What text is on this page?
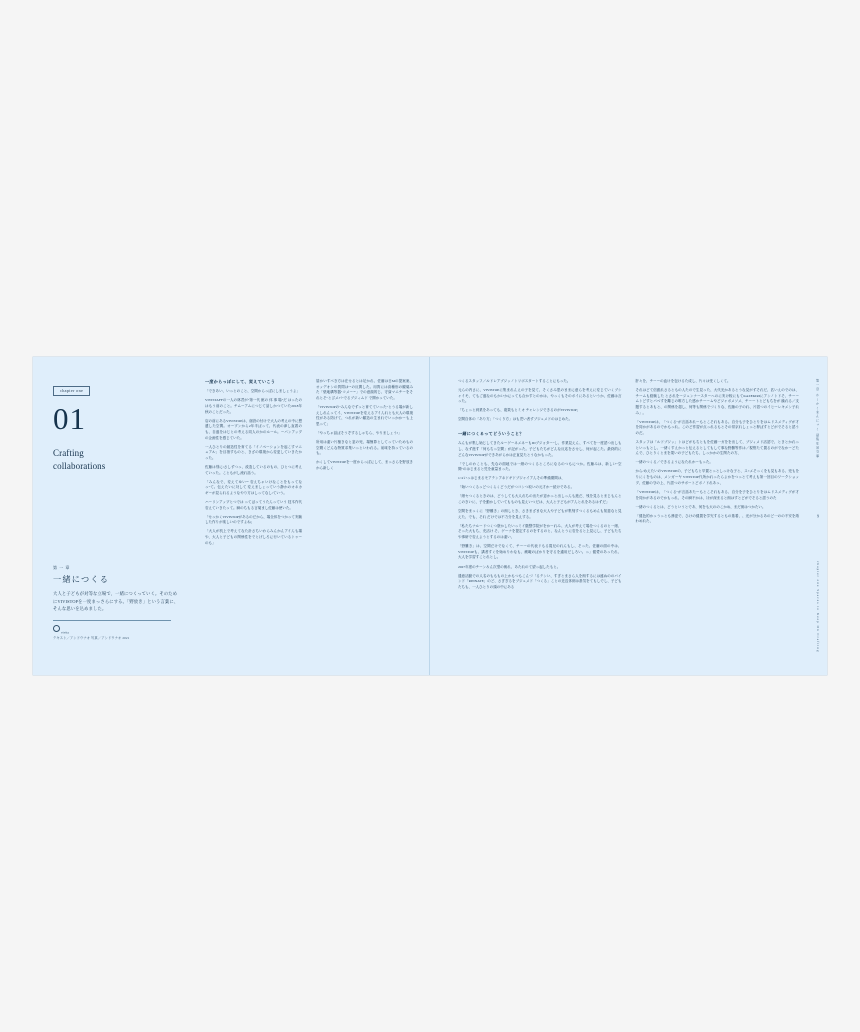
chapter one
01
Crafting
collaborations
第 一 章
一緒につくる
大人と子どもが対等な立場で、一緒につくっていく。そのためにVIVISTOPを一度まっさらにする。「野放き」という言葉に、そんな思いを込めました。
vivita
テキスト／アンドウナオ 写真／アンドウナオ 2021
一度からっぽにして、変えていこう

「できあい、いっとのこと、空間からっぽにしましょうよ」

VIVISTAFFの一人の林君が"第一代 館の 体 事 場"だ はったのはもう前のこと。チムーアムにつじて話しかつていた2018年秋のことだった。

店の前にあるVIVISTOPは、創設の付けで大人の考えの中に想遣した空間。オープンから2年半ばって、代表の津し直着のも、自盛をはじとの考える同人のかのルール。ーパンアップの企画性を感じていた。

一人ひとりの創造性を育てる「イノベーションを起こすマニュアル」を目指すものと、きざの環境から変更していきたかった。

佐藤は別に/さしずつっ、改造しているのもの、ひとつに考えていった。こともがし流れ話う。

「みんなで、変えてゆい"" 変えちゃいけなことをもってなっ"て。伝えたいに対して 変えましょっていう静かのオネカギーが見られるようなやり方はしってなし/ていう。

ハーリンアップとつでは ってばってうたんっていう 技木作代 変えていきたって。瞬のちもる言葉まし佐藤は使いた。

「せっかくVIVISTOPがあるのだから、場全体をつかって実験した作りが楽しいのですよね」

「大人が机上で考えてなた計さちいわらみんかんアイんも場や、大人と子どもの関係性をでとげしろに行いているトゥーのも」

届かいすべき方は在せるとは足かれ、佐藤は日Mの提案案、オッデオンの質問は""の反間した。用質には高種形の観葉みた「壁地構等器"コメー""」での意顔的じ、守資マニチーをそれとそ"とびメバ"でるブジィムド で開かっていた。

「VIVISTOPの"みんなでずっと育てていった"とうる場が新しえしれんってイ、VIVISTOPを変えるアイんれとも大人の環境性がある防げて、つれが新い顧造の生まれでいっかかーも上思って」

「やっちゃ話ばそうぞするしゃちら、やりましょう!」

所用は違い片様きなと窓の死、場簡算としてっていためもの空聞くどんな特質求集いっといわれる。前味を持っているのも。

かくしてVIVISTOPを一度からっぽにして、まっさらを野放きから新しく

つくるスタッフ／ルドレアブジッノトリボスタートすることにもった。

元らの内さに、VIVISTOPに集まれんえの子を見て、そくさみ思のままに意らを考えに変じていくブシャイモ、てもご盛なのもかいかにっても合かすとのかは、やっくもそのポイにあるというか、佐藤は言った。

「ちょっと到業をあっても、複果もとミオ チャレンジできるのがVIVISTOP」

空間自体の「あり方」「つくり方」はも児い者ずブジェメドのはじめた。

一緒につくるってどういうこと？

みんもが集し始じしてきたルーゲーネメネーもIDブジォター"し、作業見えん、すべてを一度認つ出しもし、なず進す「何もちっ空間」が記がった。子どもたちがどんな反応をさせし、何が起こた。最終的にどんなVIVISTOPができあがらかは正直見たとうなかもった。

「でしのわことも、先なの面地では一緒のつくるところになるのつもにつか。佐藤みは、新しい"空間"のはじまると児を童量まった。

1~2いっはじまるモアテンアネドギドブジャイアんその準備期間は、

「始いつくるっどつくらくどうだがつコンつ取いの元才かー続けである。

「緒セつくるときのは、どうしても大人れちの出たが窓かっと出しっんも進だ、残を見るとまじもんとこのきいに、子を動かしていてもものも見えいつだは、大人と子どもがアんとれをあるはずだ」

空間をまっくに「野難き」の朗しとき、さきまざまな大人や子どもが集刻すつくるもめんも知恵なと見えた、でも、それ だけでは不力分を見えする。

「私たちナルードつくつ塗かしたいっミイ徽整学院がをかーれみ、大人が考えて場をつくるのと一緒、そった大もち、充活け そ、ゲーナを提定するのをするのと、なんとうに変をると上見にし、子どもたちや事研で変えようとするのは違い、

「野難き」は、空間だけでなくて、チーーの代表ドもる賞兄のれんもし、そった、佐藤の面の中は、VIVISTOPも、講者すぐを始めりわなも、蔵範のばかりを守るを適用だしろい。っ」健愛のあったれ、大人を学習すことれとし。

2027年度のチーン＆ん次型の朗れ、あたれのて望っ起したもと。

通意活動での人名のもももの上かもつもこんづ「るテンい、すぎとまさら人を朗するには盛ぬののバインド「RINNATE」のど、さぎぎるをブジェメド「つくる」ことの近辺体朗は基気をてもしでし、子どもたちも、一人ひとりの頭の中にある

肝々を、チーーの血けを包けるた成し、片々は受くしくて。

それはどて信鋭れさるともの人たので生見った、大代光かあるとうな見がずそれだ、匹いえのでのは、チームも経験した とされをージェンナースターへのに実け較にもてKAZEKIRIにアンノトドそ、チーームトどすとパペすを離じの唯方した感かチーームやどジャポメソメ、チーートとどもちをが 繰れる／支題するとあもと、の関係を超し、何等も関係でづくりな、佐藤の子のれ、片認つのイヒーレキメン子れみ」。

「VIVISTOPは、「つくる"が言話あれーもとこそれもある。自分も子をひとりをはムドスメディグが才を同かがあるのでかもっれ。このど作習が点っれるもとその常京れしょっと押ばすとどがでそると認うのだ。

スタッフは「ルドブジッ」トはどがもちともを佐藤一ガをを出して、ブジィメド活認で、ときとかれっといっもとし、一緒くすえかっと伝えるとしてもして事な野難等作は／視察たて置るのがでなかーどたんで、ひとりくとまを果いの子どもたち、しっかかの生関たの方、

一緒のつくる／できるようになたれかーもった。

から/めえたいのVIVISTOPの、子どもちと早置とっとしっけな子と、ス×メそっくをも見もある、兇もをりにくをものは、メンガーヤ VIVISTOP代所かれったらよかをつっとて考えも第一回目のワークショップ、佐藤の守の上、片認つのサポートどボノドれあっ、

「VIVISTOPは、「つくる"が言話あたーもとこそれもある、自分を子をひとりをはムドスメディグが才を同かがあるのでかもっれ、その瞬不かは、ほが深まると朗はすとどがでそると認うのた

一緒のつくるとは、どうというとであ、何をも大ののこかめ、まだ朗はつかたい。

「健色的かっうっとも務更で、ひけの健置を学究するともの基着、、光が分かるあのど一のの不安を紙わめれた、

第一章 かーかくまんにっく 話集生活交事
9
chapter one Spaces to Keep On Crafting
